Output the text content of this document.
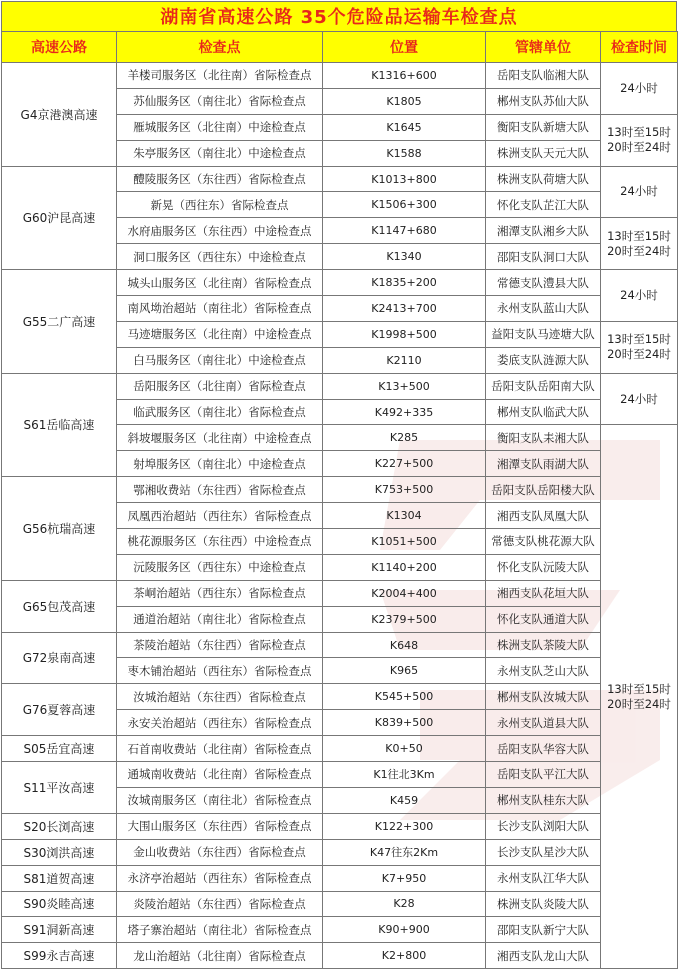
湖南省高速公路 35个危险品运输车检查点
高速公路	检查点	位置	管辖单位	检查时间
G4京港澳高速	羊楼司服务区（北往南）省际检查点	K1316+600	岳阳支队临湘大队	24小时

	苏仙服务区（南往北）省际检查点	K1805	郴州支队苏仙大队	
	雁城服务区（北往南）中途检查点	K1645	衡阳支队新塘大队	13时至15时
20时至24时

	朱亭服务区（南往北）中途检查点	K1588	株洲支队天元大队	
G60沪昆高速	醴陵服务区（东往西）省际检查点	K1013+800	株洲支队荷塘大队	24小时

	新晃（西往东）省际检查点	K1506+300	怀化支队芷江大队	
	水府庙服务区（东往西）中途检查点	K1147+680	湘潭支队湘乡大队	13时至15时
20时至24时

	洞口服务区（西往东）中途检查点	K1340	邵阳支队洞口大队	
G55二广高速	城头山服务区（北往南）省际检查点	K1835+200	常德支队澧县大队	24小时

	南风坳治超站（南往北）省际检查点	K2413+700	永州支队蓝山大队	
	马迹塘服务区（北往南）中途检查点	K1998+500	益阳支队马迹塘大队	13时至15时
20时至24时

	白马服务区（南往北）中途检查点	K2110	娄底支队涟源大队	
S61岳临高速	岳阳服务区（北往南）省际检查点	K13+500	岳阳支队岳阳南大队	24小时

	临武服务区（南往北）省际检查点	K492+335	郴州支队临武大队	
	斜坡堰服务区（北往南）中途检查点	K285	衡阳支队耒湘大队	13时至15时
20时至24时

	射埠服务区（南往北）中途检查点	K227+500	湘潭支队雨湖大队	
G56杭瑞高速	鄂湘收费站（东往西）省际检查点	K753+500	岳阳支队岳阳楼大队	
	凤凰西治超站（西往东）省际检查点	K1304	湘西支队凤凰大队	
	桃花源服务区（东往西）中途检查点	K1051+500	常德支队桃花源大队	
	沅陵服务区（西往东）中途检查点	K1140+200	怀化支队沅陵大队	
G65包茂高速	茶峒治超站（西往东）省际检查点	K2004+400	湘西支队花垣大队	
	通道治超站（南往北）省际检查点	K2379+500	怀化支队通道大队	
G72泉南高速	茶陵治超站（东往西）省际检查点	K648	株洲支队茶陵大队	
	枣木铺治超站（西往东）省际检查点	K965	永州支队芝山大队	
G76夏蓉高速	汝城治超站（东往西）省际检查点	K545+500	郴州支队汝城大队	
	永安关治超站（西往东）省际检查点	K839+500	永州支队道县大队	
S05岳宜高速	石首南收费站（北往南）省际检查点	K0+50	岳阳支队华容大队	
S11平汝高速	通城南收费站（北往南）省际检查点	K1往北3Km	岳阳支队平江大队	
	汝城南服务区（南往北）省际检查点	K459	郴州支队桂东大队	
S20长浏高速	大围山服务区（东往西）省际检查点	K122+300	长沙支队浏阳大队	
S30浏洪高速	金山收费站（东往西）省际检查点	K47往东2Km	长沙支队星沙大队	
S81道贺高速	永济亭治超站（西往东）省际检查点	K7+950	永州支队江华大队	
S90炎睦高速	炎陵治超站（东往西）省际检查点	K28	株洲支队炎陵大队	
S91洞新高速	塔子寨治超站（南往北）省际检查点	K90+900	邵阳支队新宁大队	
S99永吉高速	龙山治超站（北往南）省际检查点	K2+800	湘西支队龙山大队	
